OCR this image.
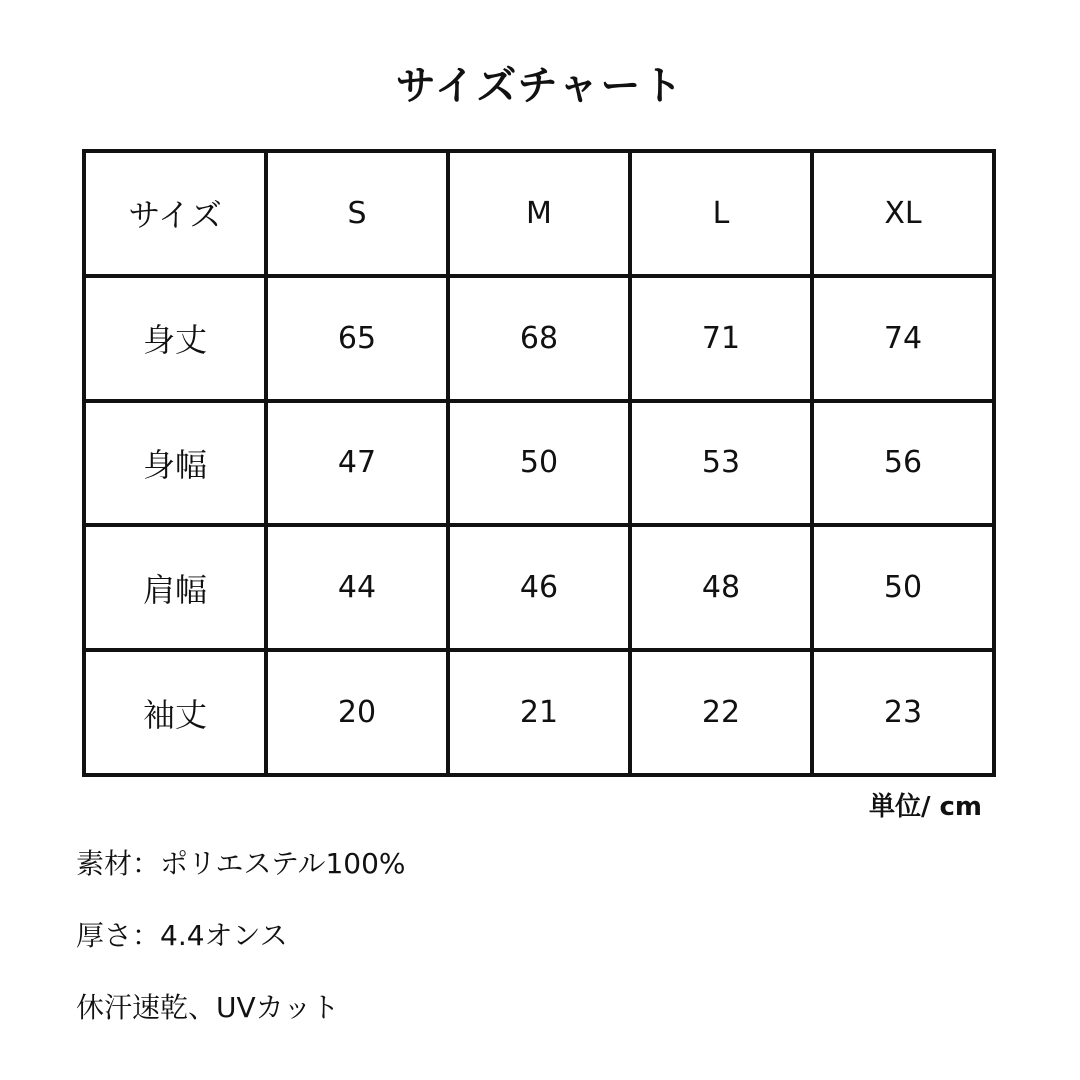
サイズチャート
サイズ	S	M	L	XL
身丈	65	68	71	74
身幅	47	50	53	56
肩幅	44	46	48	50
袖丈	20	21	22	23
単位/ cm
素材：ポリエステル100%
厚さ：4.4オンス
休汗速乾、UVカット
